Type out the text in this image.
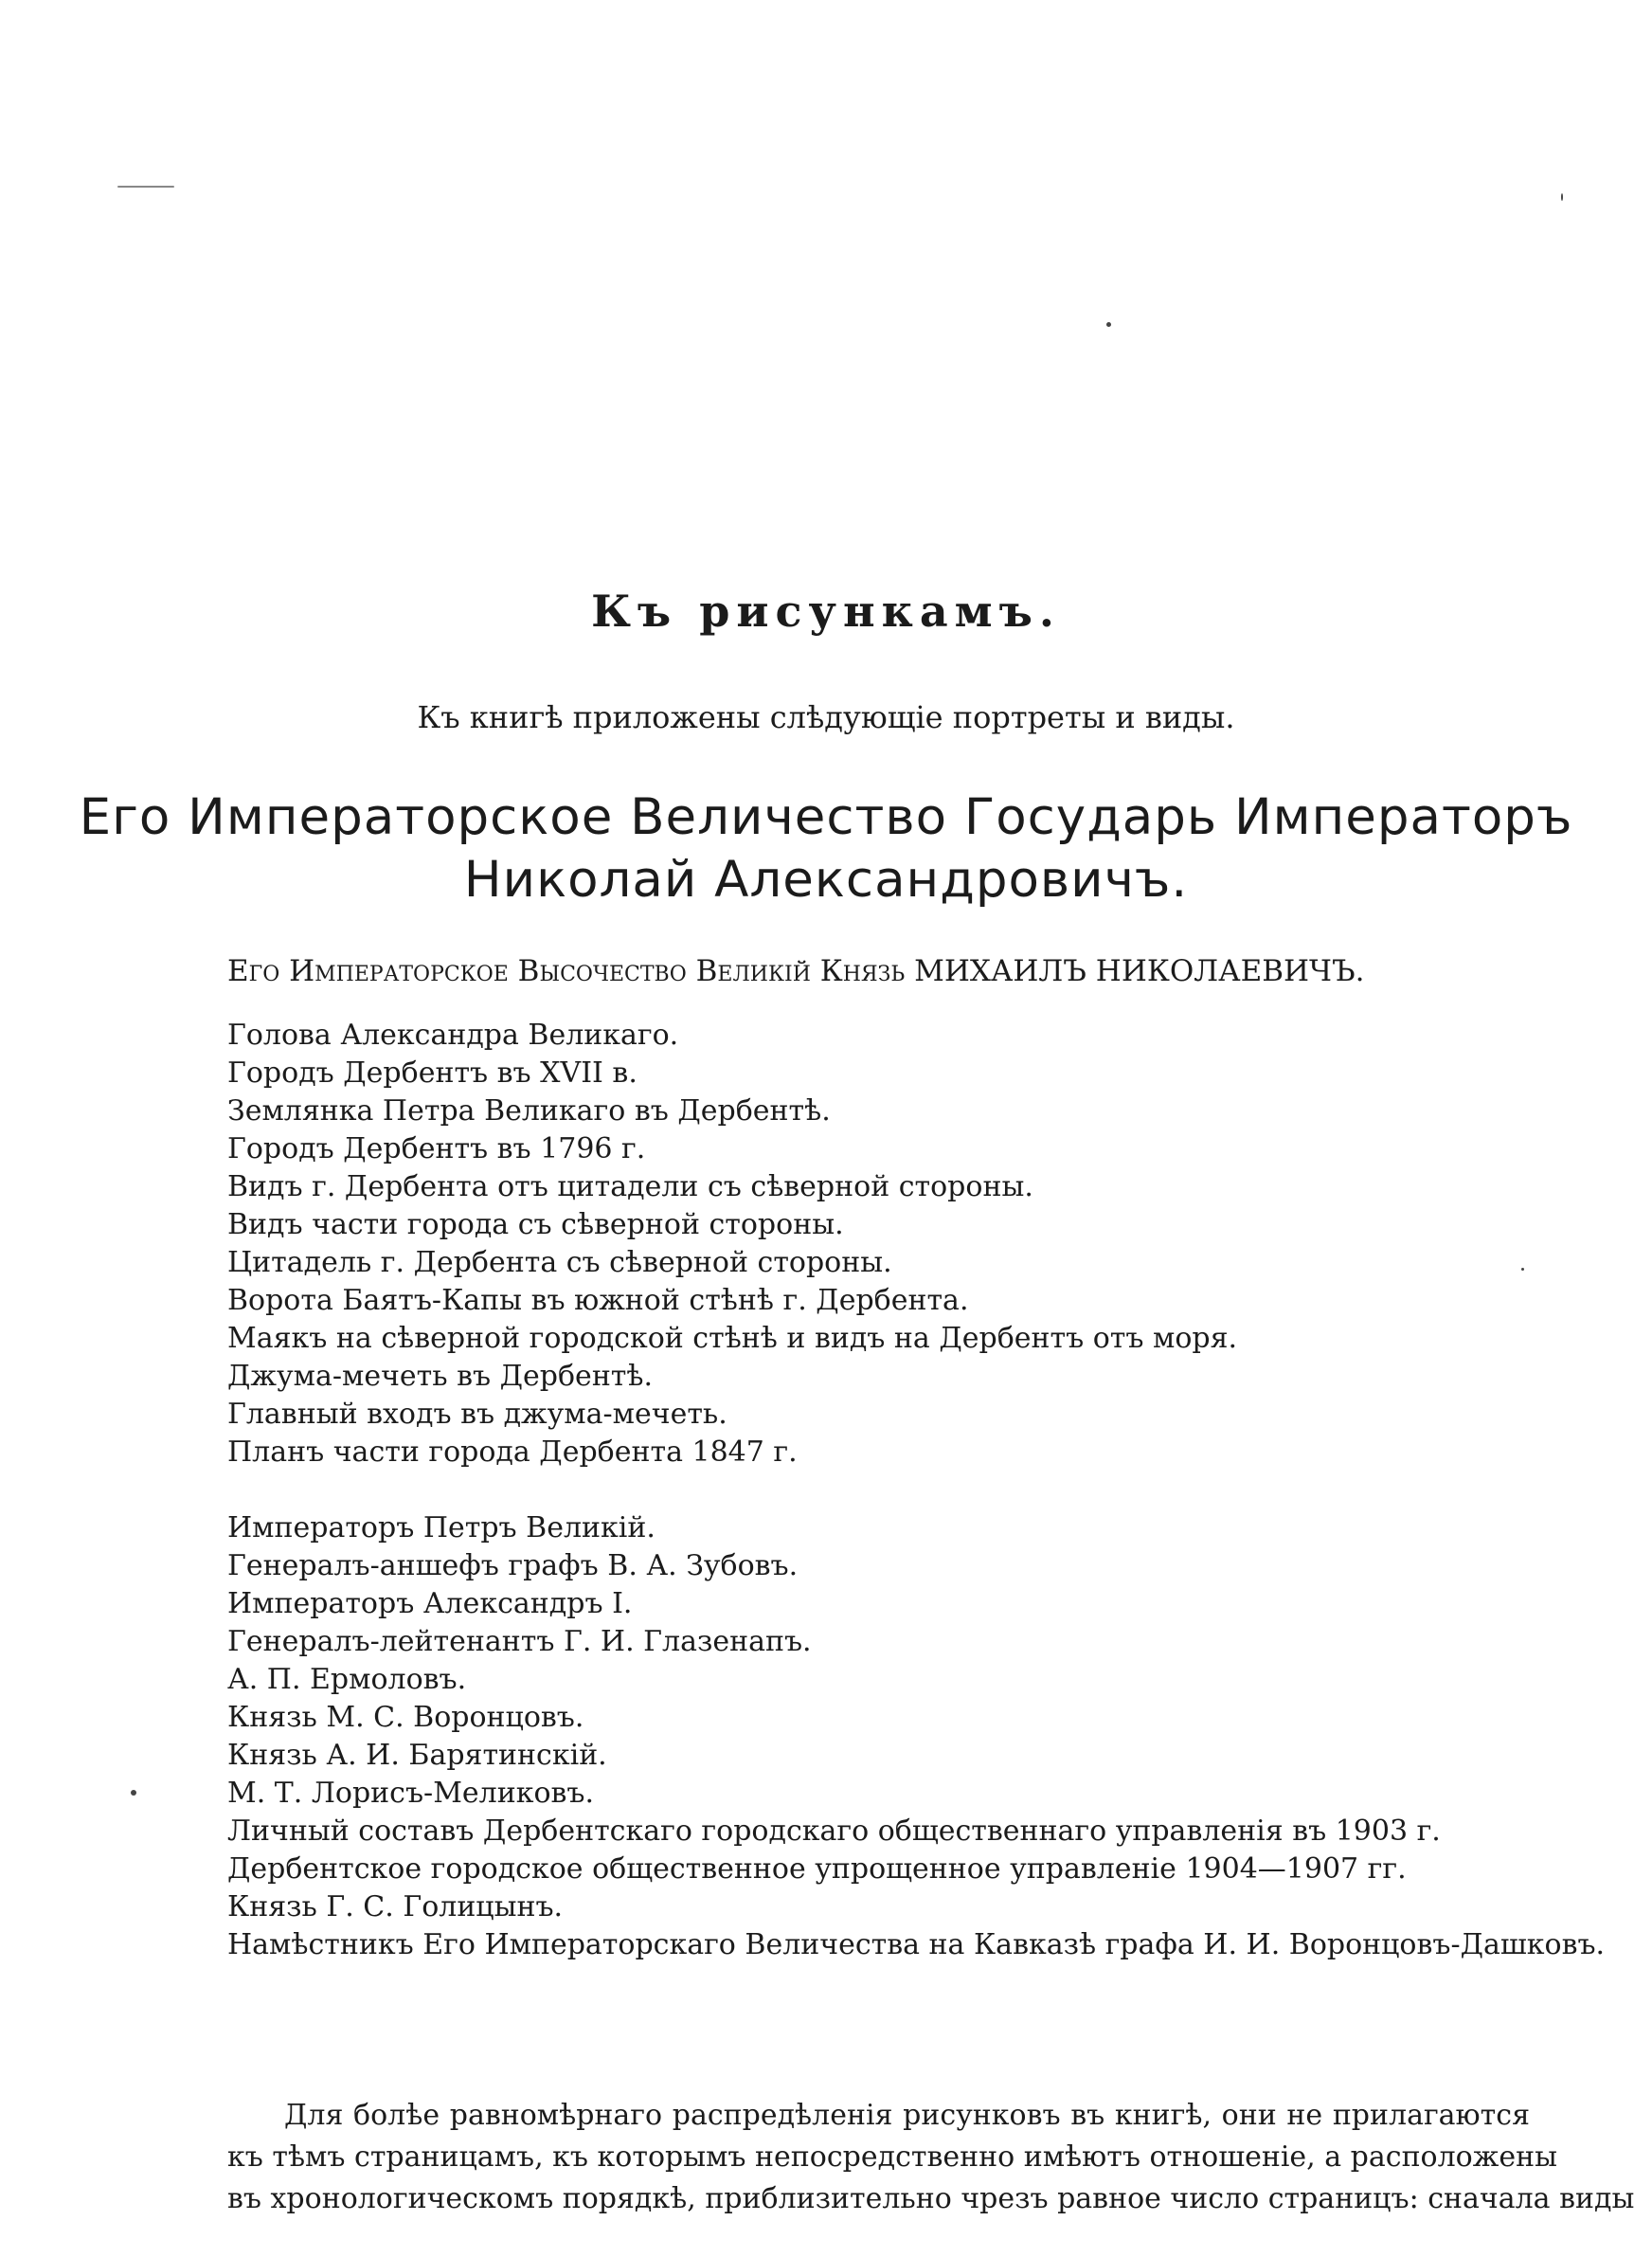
Къ рисункамъ.
Къ книгѣ приложены слѣдующіе портреты и виды.
Его Императорское Величество Государь Императоръ
Николай Александровичъ.
Его Императорское Высочество Великій Князь МИХАИЛЪ НИКОЛАЕВИЧЪ.
Голова Александра Великаго.
Городъ Дербентъ въ XVII в.
Землянка Петра Великаго въ Дербентѣ.
Городъ Дербентъ въ 1796 г.
Видъ г. Дербента отъ цитадели съ сѣверной стороны.
Видъ части города съ сѣверной стороны.
Цитадель г. Дербента съ сѣверной стороны.
Ворота Баятъ-Капы въ южной стѣнѣ г. Дербента.
Маякъ на сѣверной городской стѣнѣ и видъ на Дербентъ отъ моря.
Джума-мечеть въ Дербентѣ.
Главный входъ въ джума-мечеть.
Планъ части города Дербента 1847 г.
Императоръ Петръ Великій.
Генералъ-аншефъ графъ В. А. Зубовъ.
Императоръ Александръ I.
Генералъ-лейтенантъ Г. И. Глазенапъ.
А. П. Ермоловъ.
Князь М. С. Воронцовъ.
Князь А. И. Барятинскій.
М. Т. Лорисъ-Меликовъ.
Личный составъ Дербентскаго городскаго общественнаго управленія въ 1903 г.
Дербентское городское общественное упрощенное управленіе 1904—1907 гг.
Князь Г. С. Голицынъ.
Намѣстникъ Его Императорскаго Величества на Кавказѣ графа И. И. Воронцовъ-Дашковъ.
Для болѣе равномѣрнаго распредѣленія рисунковъ въ книгѣ, они не прилагаются
къ тѣмъ страницамъ, къ которымъ непосредственно имѣютъ отношеніе, а расположены
въ хронологическомъ порядкѣ, приблизительно чрезъ равное число страницъ: сначала виды
